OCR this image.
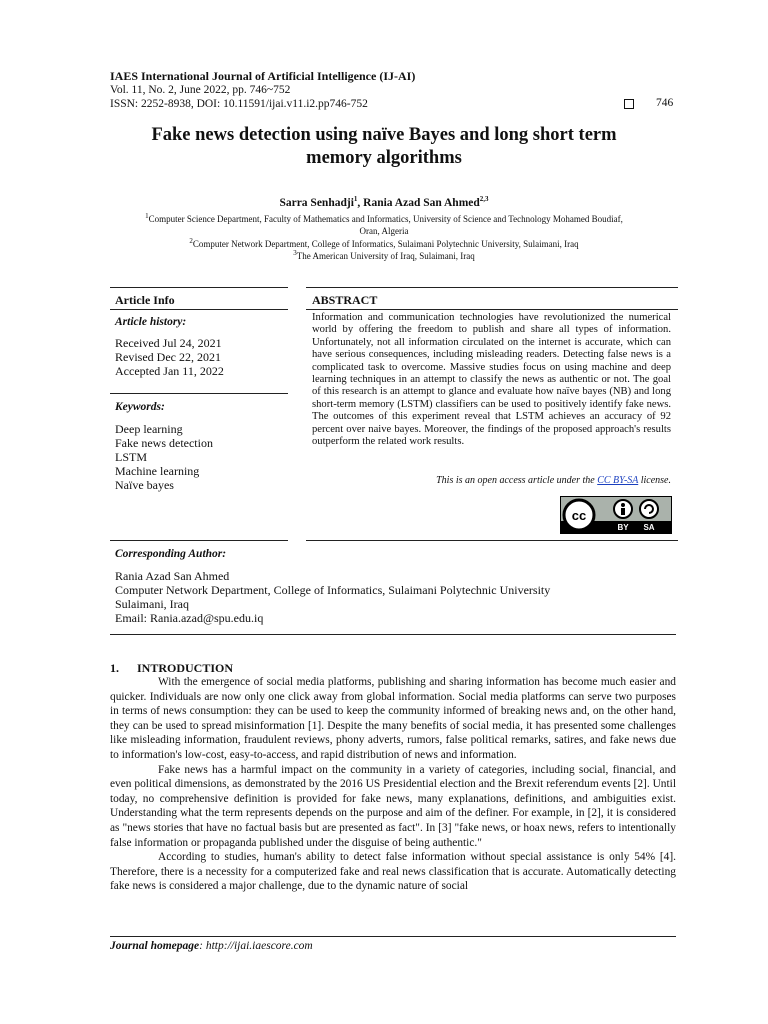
IAES International Journal of Artificial Intelligence (IJ-AI)
Vol. 11, No. 2, June 2022, pp. 746~752
ISSN: 2252-8938, DOI: 10.11591/ijai.v11.i2.pp746-752	746
Fake news detection using naïve Bayes and long short term
memory algorithms
Sarra Senhadji$^1$, Rania Azad San Ahmed$^{2,3}$
$^1$Computer Science Department, Faculty of Mathematics and Informatics, University of Science and Technology Mohamed Boudiaf,
Oran, Algeria
$^2$Computer Network Department, College of Informatics, Sulaimani Polytechnic University, Sulaimani, Iraq
$^3$The American University of Iraq, Sulaimani, Iraq
Article Info	ABSTRACT
Article history:
Received Jul 24, 2021
Revised Dec 22, 2021
Accepted Jan 11, 2022
Keywords:
Deep learning
Fake news detection
LSTM
Machine learning
Naïve bayes
Information and communication technologies have revolutionized the numerical world by offering the freedom to publish and share all types of information. Unfortunately, not all information circulated on the internet is accurate, which can have serious consequences, including misleading readers. Detecting false news is a complicated task to overcome. Massive studies focus on using machine and deep learning techniques in an attempt to classify the news as authentic or not. The goal of this research is an attempt to glance and evaluate how naïve bayes (NB) and long short-term memory (LSTM) classifiers can be used to positively identify fake news. The outcomes of this experiment reveal that LSTM achieves an accuracy of 92 percent over naive bayes. Moreover, the findings of the proposed approach's results outperform the related work results.
This is an open access article under the CC BY-SA license.
cc
BY SA
Corresponding Author:
Rania Azad San Ahmed
Computer Network Department, College of Informatics, Sulaimani Polytechnic University
Sulaimani, Iraq
Email: Rania.azad@spu.edu.iq
1. INTRODUCTION

With the emergence of social media platforms, publishing and sharing information has become much easier and quicker. Individuals are now only one click away from global information. Social media platforms can serve two purposes in terms of news consumption: they can be used to keep the community informed of breaking news and, on the other hand, they can be used to spread misinformation [1]. Despite the many benefits of social media, it has presented some challenges like misleading information, fraudulent reviews, phony adverts, rumors, false political remarks, satires, and fake news due to information's low-cost, easy-to-access, and rapid distribution of news and information.

Fake news has a harmful impact on the community in a variety of categories, including social, financial, and even political dimensions, as demonstrated by the 2016 US Presidential election and the Brexit referendum events [2]. Until today, no comprehensive definition is provided for fake news, many explanations, definitions, and ambiguities exist. Understanding what the term represents depends on the purpose and aim of the definer. For example, in [2], it is considered as "news stories that have no factual basis but are presented as fact". In [3] "fake news, or hoax news, refers to intentionally false information or propaganda published under the disguise of being authentic."

According to studies, human's ability to detect false information without special assistance is only 54% [4]. Therefore, there is a necessity for a computerized fake and real news classification that is accurate. Automatically detecting fake news is considered a major challenge, due to the dynamic nature of social

Journal homepage: http://ijai.iaescore.com
